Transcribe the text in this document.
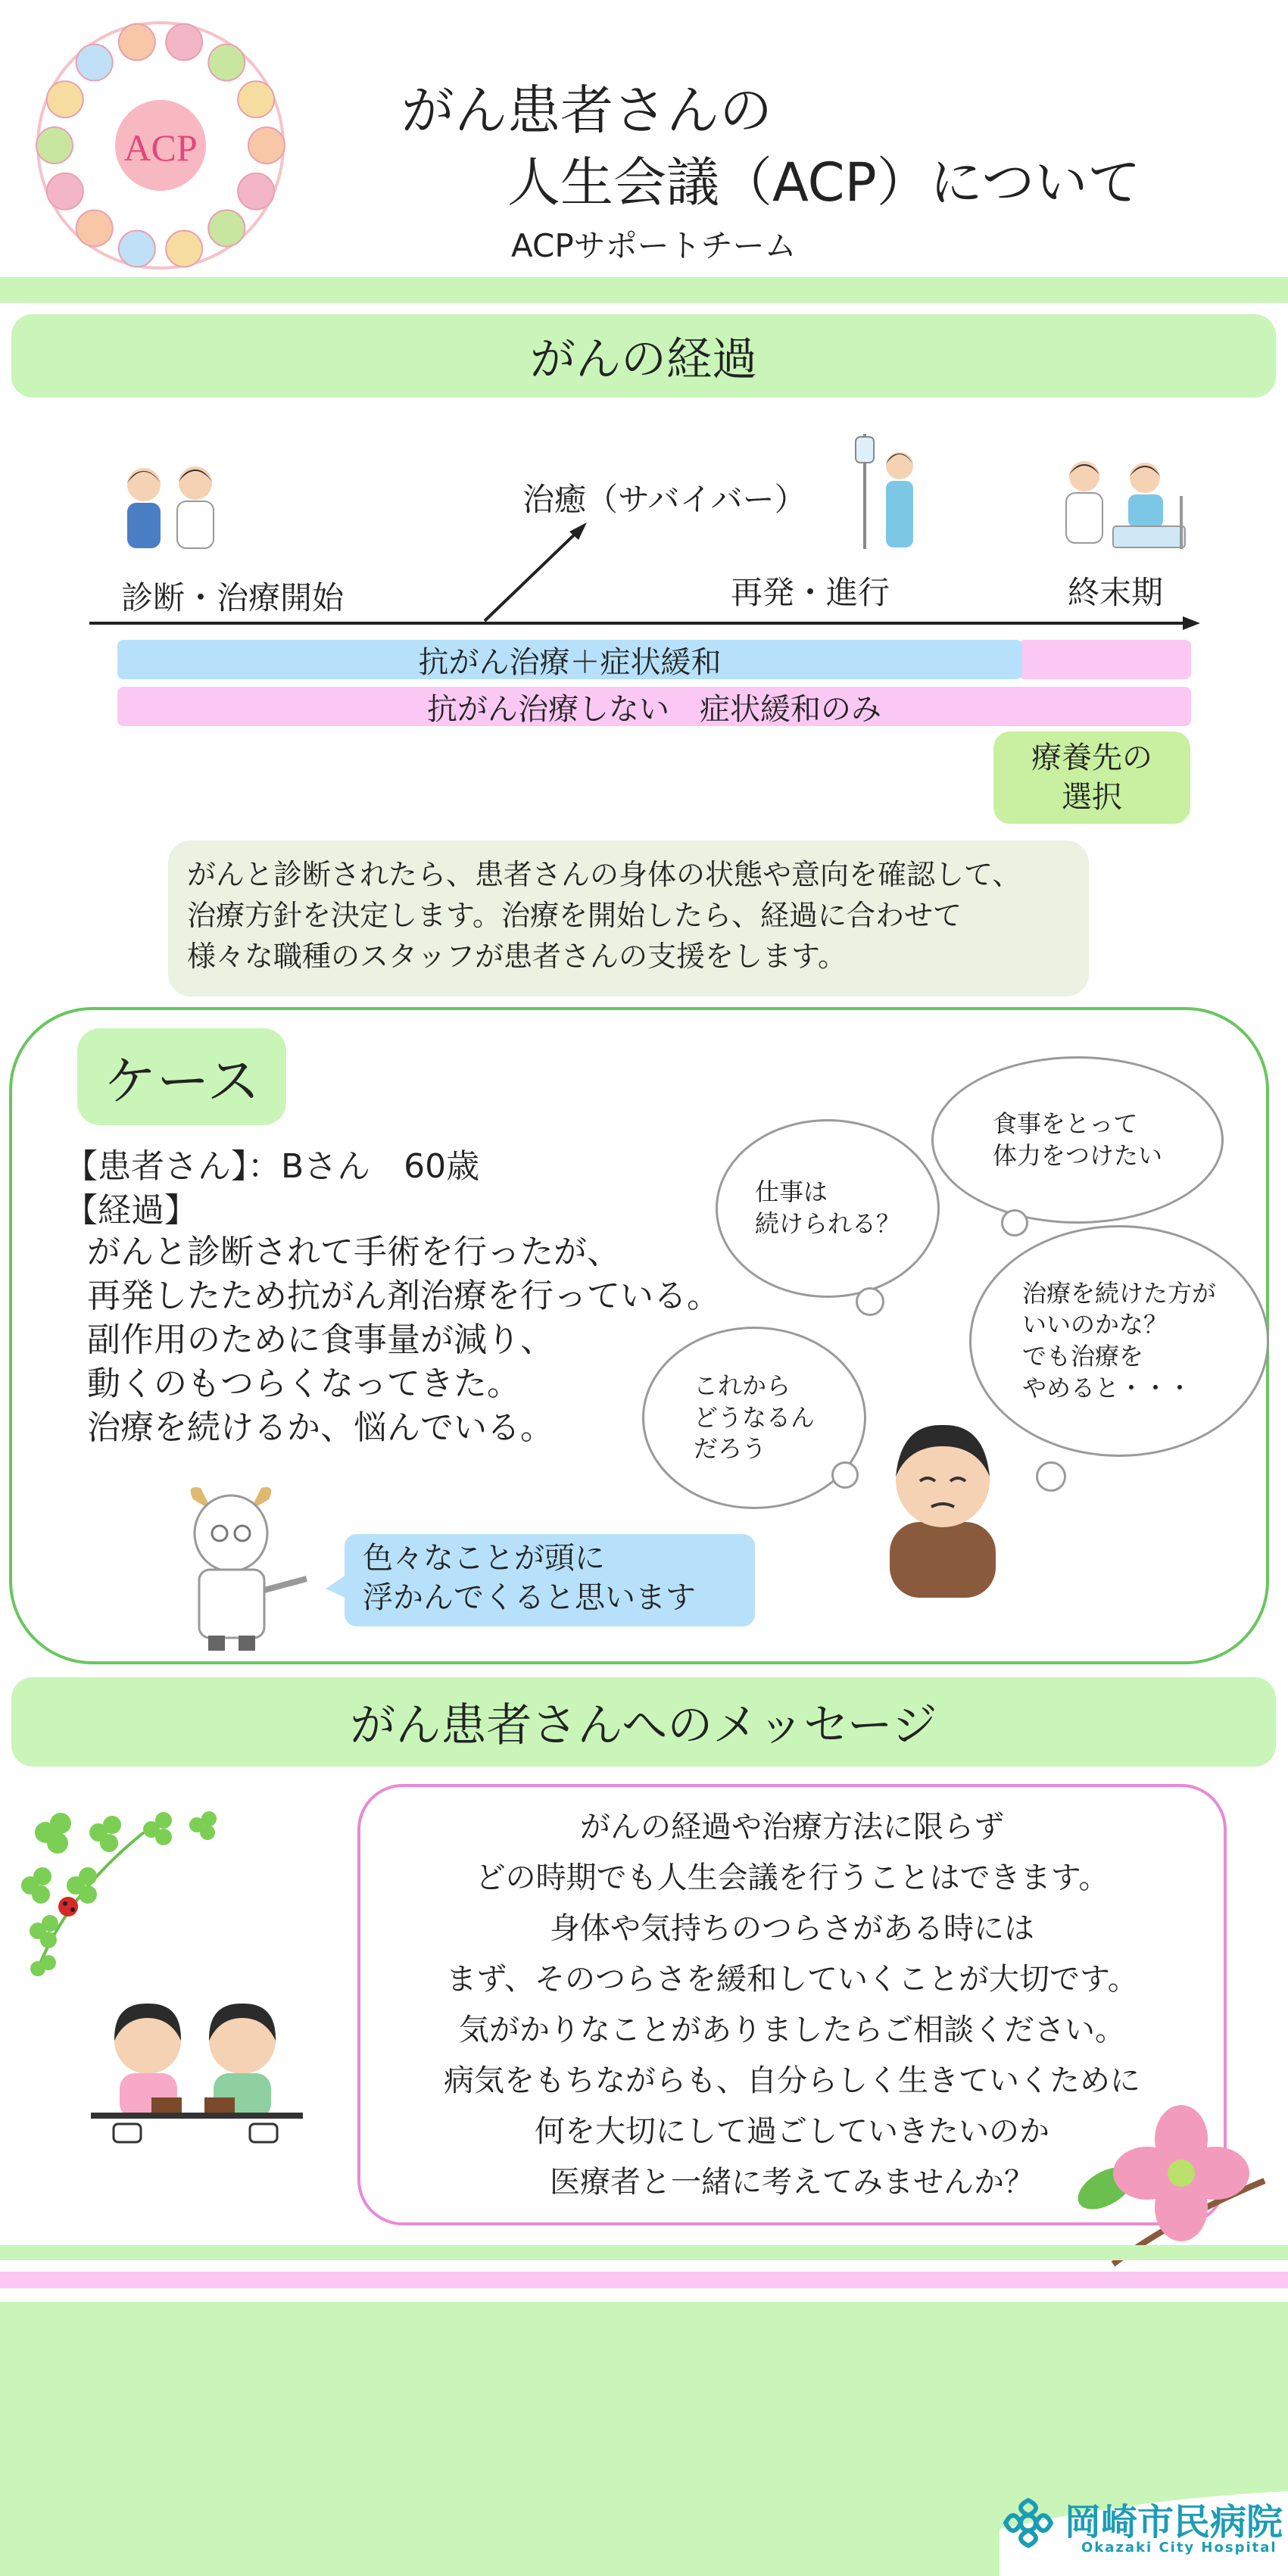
ACP
がん患者さんの
人生会議（ACP）について
ACPサポートチーム
がんの経過
治癒（サバイバー）
診断・治療開始	再発・進行	終末期
抗がん治療＋症状緩和
抗がん治療しない　症状緩和のみ
療養先の
選択
がんと診断されたら、患者さんの身体の状態や意向を確認して、
治療方針を決定します。治療を開始したら、経過に合わせて
様々な職種のスタッフが患者さんの支援をします。
ケース
【患者さん】：Bさん　60歳
【経過】
がんと診断されて手術を行ったが、
再発したため抗がん剤治療を行っている。
副作用のために食事量が減り、
動くのもつらくなってきた。
治療を続けるか、悩んでいる。
仕事は
続けられる？
食事をとって
体力をつけたい
治療を続けた方が
いいのかな？
でも治療を
やめると・・・
これから
どうなるん
だろう
色々なことが頭に
浮かんでくると思います
がん患者さんへのメッセージ
がんの経過や治療方法に限らず
どの時期でも人生会議を行うことはできます。
身体や気持ちのつらさがある時には
まず、そのつらさを緩和していくことが大切です。
気がかりなことがありましたらご相談ください。
病気をもちながらも、自分らしく生きていくために
何を大切にして過ごしていきたいのか
医療者と一緒に考えてみませんか？
岡崎市民病院
Okazaki City Hospital
